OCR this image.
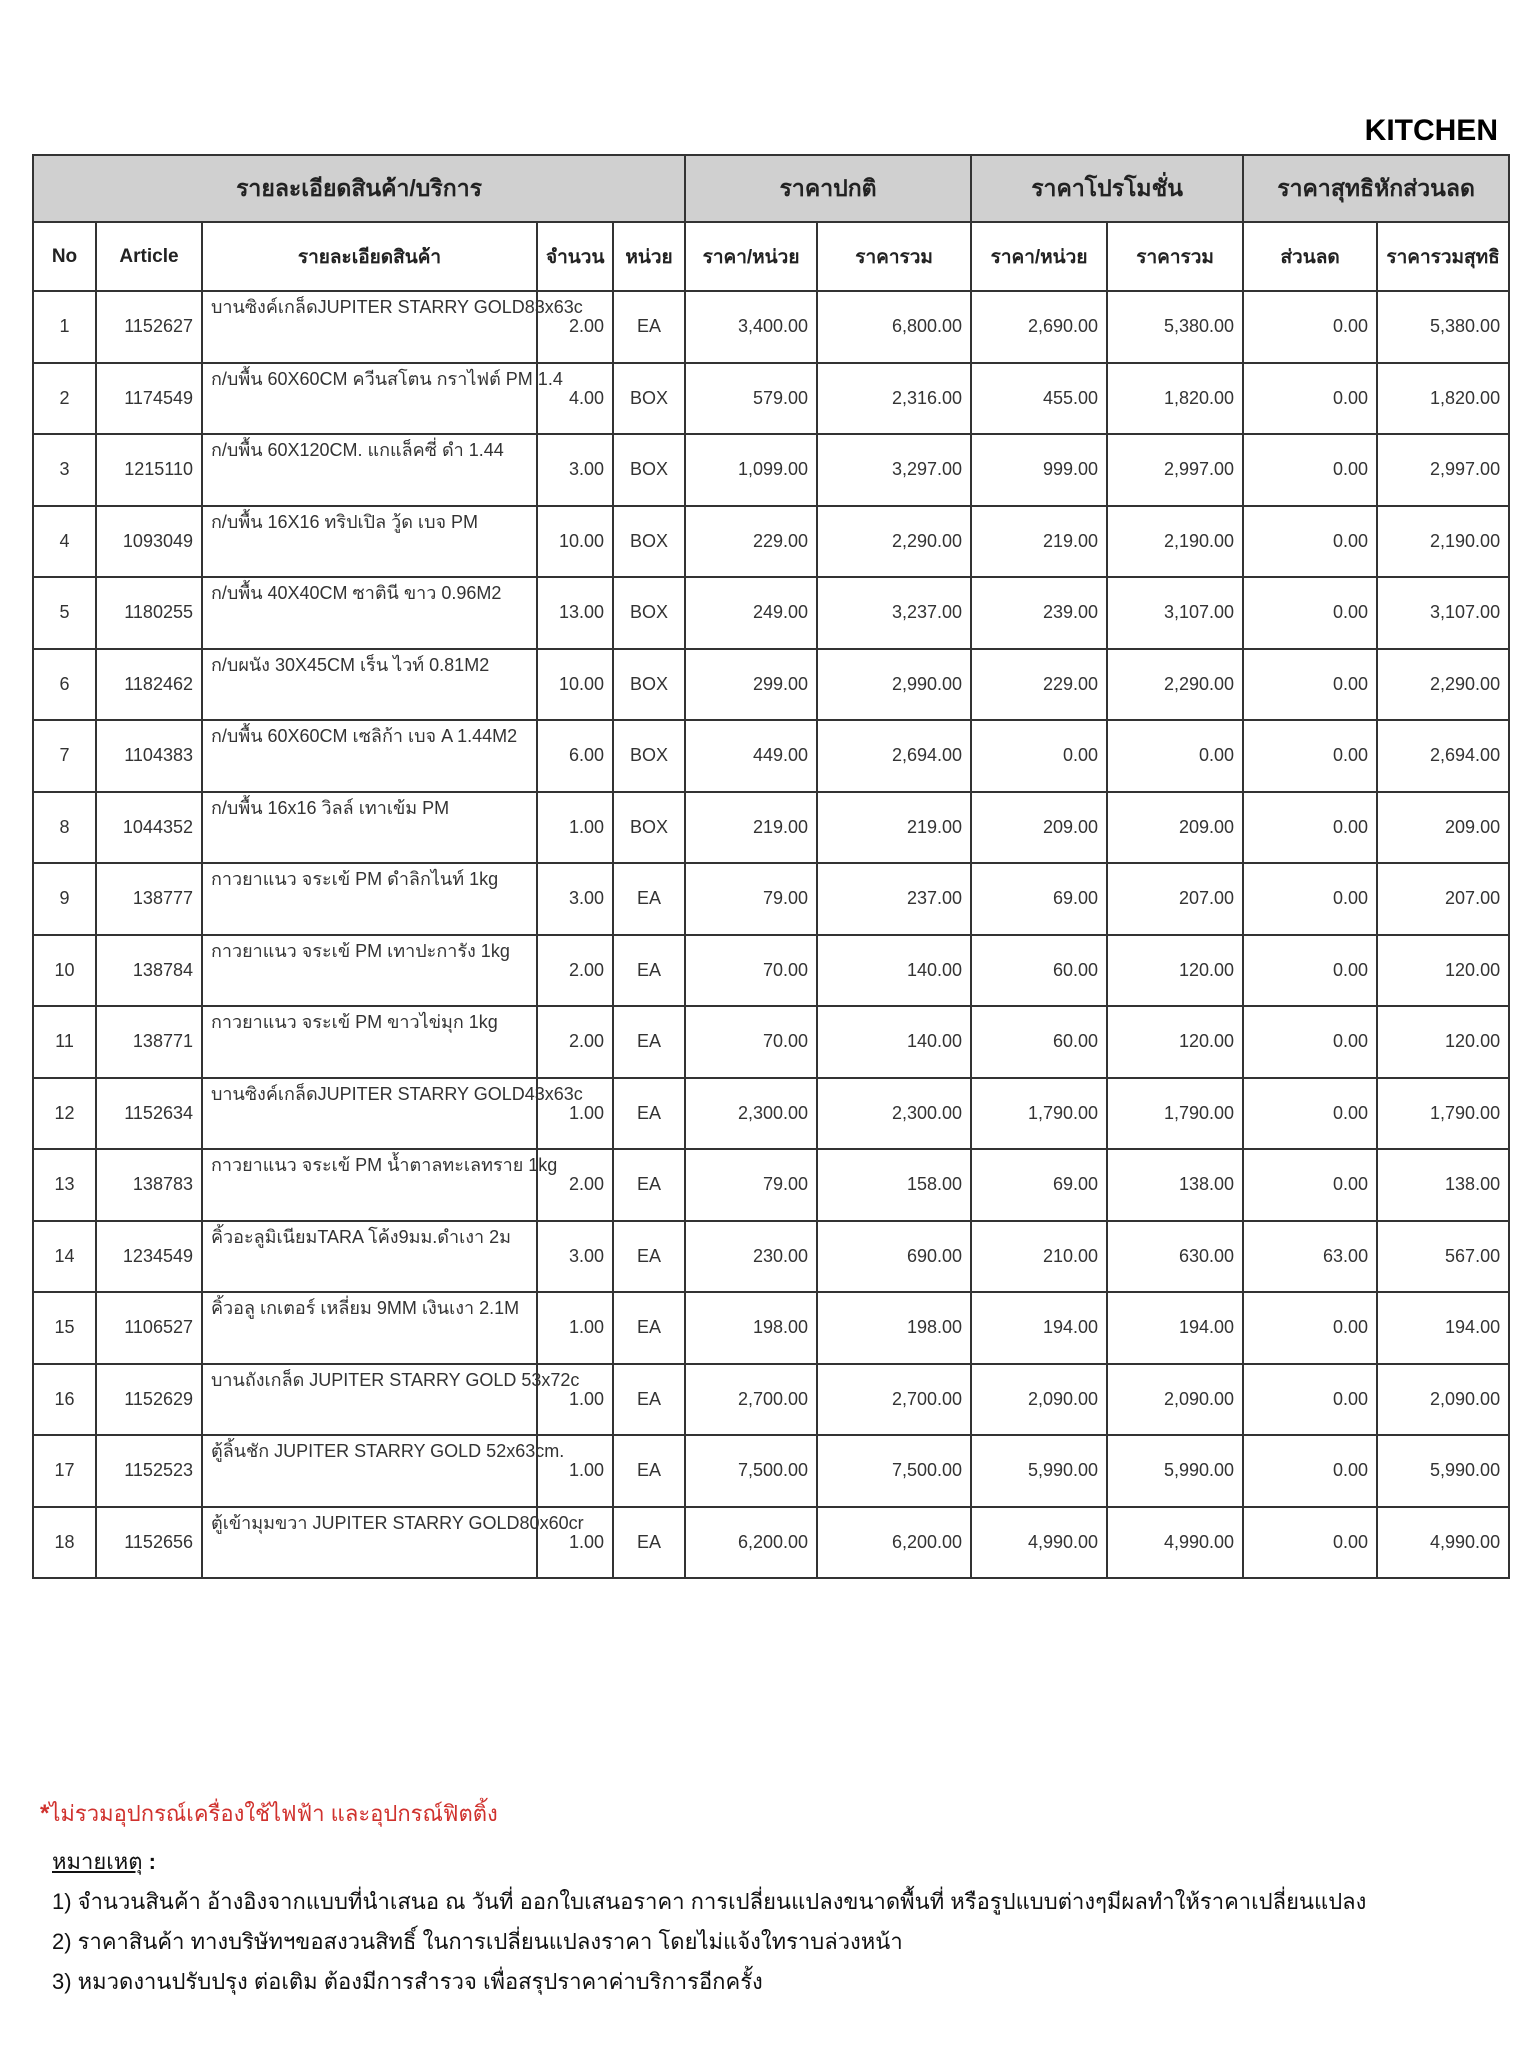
KITCHEN
รายละเอียดสินค้า/บริการ					ราคาปกติ		ราคาโปรโมชั่น		ราคาสุทธิหักส่วนลด	
No	Article	รายละเอียดสินค้า	จำนวน	หน่วย	ราคา/หน่วย	ราคารวม	ราคา/หน่วย	ราคารวม	ส่วนลด	ราคารวมสุทธิ
1	1152627	บานซิงค์เกล็ดJUPITER STARRY GOLD83x63c	2.00	EA	3,400.00	6,800.00	2,690.00	5,380.00	0.00	5,380.00
2	1174549	ก/บพื้น 60X60CM ควีนสโตน กราไฟต์ PM 1.4	4.00	BOX	579.00	2,316.00	455.00	1,820.00	0.00	1,820.00
3	1215110	ก/บพื้น 60X120CM. แกแล็คซี่ ดำ 1.44	3.00	BOX	1,099.00	3,297.00	999.00	2,997.00	0.00	2,997.00
4	1093049	ก/บพื้น 16X16 ทริปเปิล วู้ด เบจ PM	10.00	BOX	229.00	2,290.00	219.00	2,190.00	0.00	2,190.00
5	1180255	ก/บพื้น 40X40CM ซาตินี ขาว 0.96M2	13.00	BOX	249.00	3,237.00	239.00	3,107.00	0.00	3,107.00
6	1182462	ก/บผนัง 30X45CM เร็น ไวท์ 0.81M2	10.00	BOX	299.00	2,990.00	229.00	2,290.00	0.00	2,290.00
7	1104383	ก/บพื้น 60X60CM เซลิก้า เบจ A 1.44M2	6.00	BOX	449.00	2,694.00	0.00	0.00	0.00	2,694.00
8	1044352	ก/บพื้น 16x16 วิลล์ เทาเข้ม PM	1.00	BOX	219.00	219.00	209.00	209.00	0.00	209.00
9	138777	กาวยาแนว จระเข้ PM ดำลิกไนท์ 1kg	3.00	EA	79.00	237.00	69.00	207.00	0.00	207.00
10	138784	กาวยาแนว จระเข้ PM เทาปะการัง 1kg	2.00	EA	70.00	140.00	60.00	120.00	0.00	120.00
11	138771	กาวยาแนว จระเข้ PM ขาวไข่มุก 1kg	2.00	EA	70.00	140.00	60.00	120.00	0.00	120.00
12	1152634	บานซิงค์เกล็ดJUPITER STARRY GOLD43x63c	1.00	EA	2,300.00	2,300.00	1,790.00	1,790.00	0.00	1,790.00
13	138783	กาวยาแนว จระเข้ PM น้ำตาลทะเลทราย 1kg	2.00	EA	79.00	158.00	69.00	138.00	0.00	138.00
14	1234549	คิ้วอะลูมิเนียมTARA โค้ง9มม.ดำเงา 2ม	3.00	EA	230.00	690.00	210.00	630.00	63.00	567.00
15	1106527	คิ้วอลู เกเตอร์ เหลี่ยม 9MM เงินเงา 2.1M	1.00	EA	198.00	198.00	194.00	194.00	0.00	194.00
16	1152629	บานถังเกล็ด JUPITER STARRY GOLD 53x72c	1.00	EA	2,700.00	2,700.00	2,090.00	2,090.00	0.00	2,090.00
17	1152523	ตู้ลิ้นชัก JUPITER STARRY GOLD 52x63cm.	1.00	EA	7,500.00	7,500.00	5,990.00	5,990.00	0.00	5,990.00
18	1152656	ตู้เข้ามุมขวา JUPITER STARRY GOLD80x60cr	1.00	EA	6,200.00	6,200.00	4,990.00	4,990.00	0.00	4,990.00
*ไม่รวมอุปกรณ์เครื่องใช้ไฟฟ้า และอุปกรณ์ฟิตติ้ง
หมายเหตุ :
1) จำนวนสินค้า อ้างอิงจากแบบที่นำเสนอ ณ วันที่ ออกใบเสนอราคา การเปลี่ยนแปลงขนาดพื้นที่ หรือรูปแบบต่างๆมีผลทำให้ราคาเปลี่ยนแปลง
2) ราคาสินค้า ทางบริษัทฯขอสงวนสิทธิ์ ในการเปลี่ยนแปลงราคา โดยไม่แจ้งใทราบล่วงหน้า
3) หมวดงานปรับปรุง ต่อเติม ต้องมีการสำรวจ เพื่อสรุปราคาค่าบริการอีกครั้ง
